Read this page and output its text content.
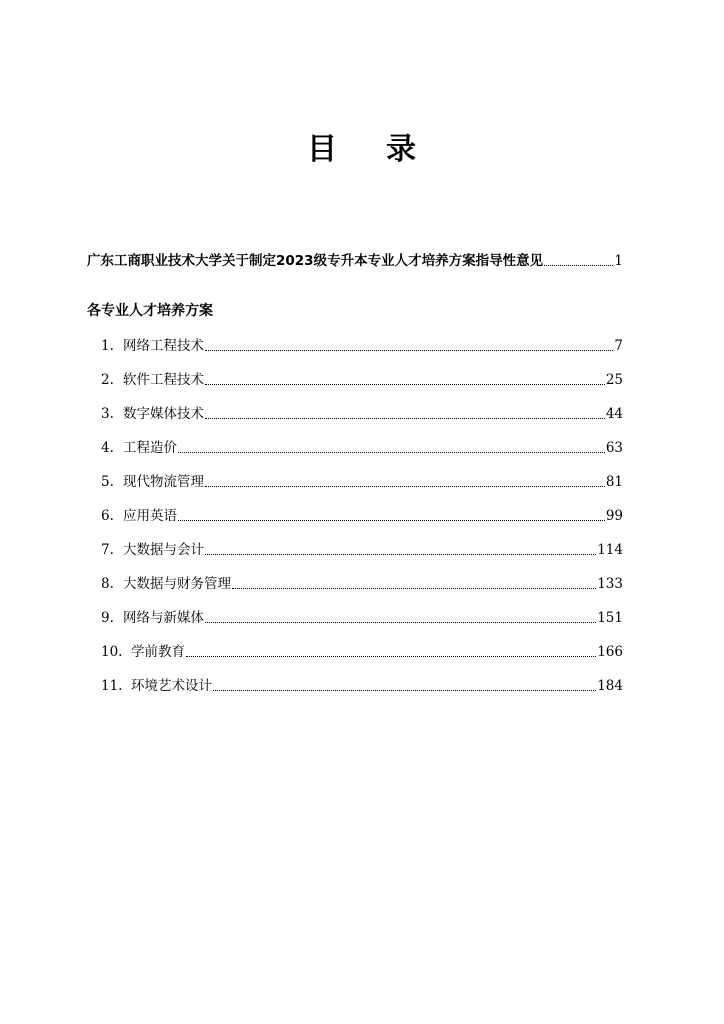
目 录
广东工商职业技术大学关于制定2023级专升本专业人才培养方案指导性意见	1
各专业人才培养方案
1. 网络工程技术	7
2. 软件工程技术	25
3. 数字媒体技术	44
4. 工程造价	63
5. 现代物流管理	81
6. 应用英语	99
7. 大数据与会计	114
8. 大数据与财务管理	133
9. 网络与新媒体	151
10. 学前教育	166
11. 环境艺术设计	184
